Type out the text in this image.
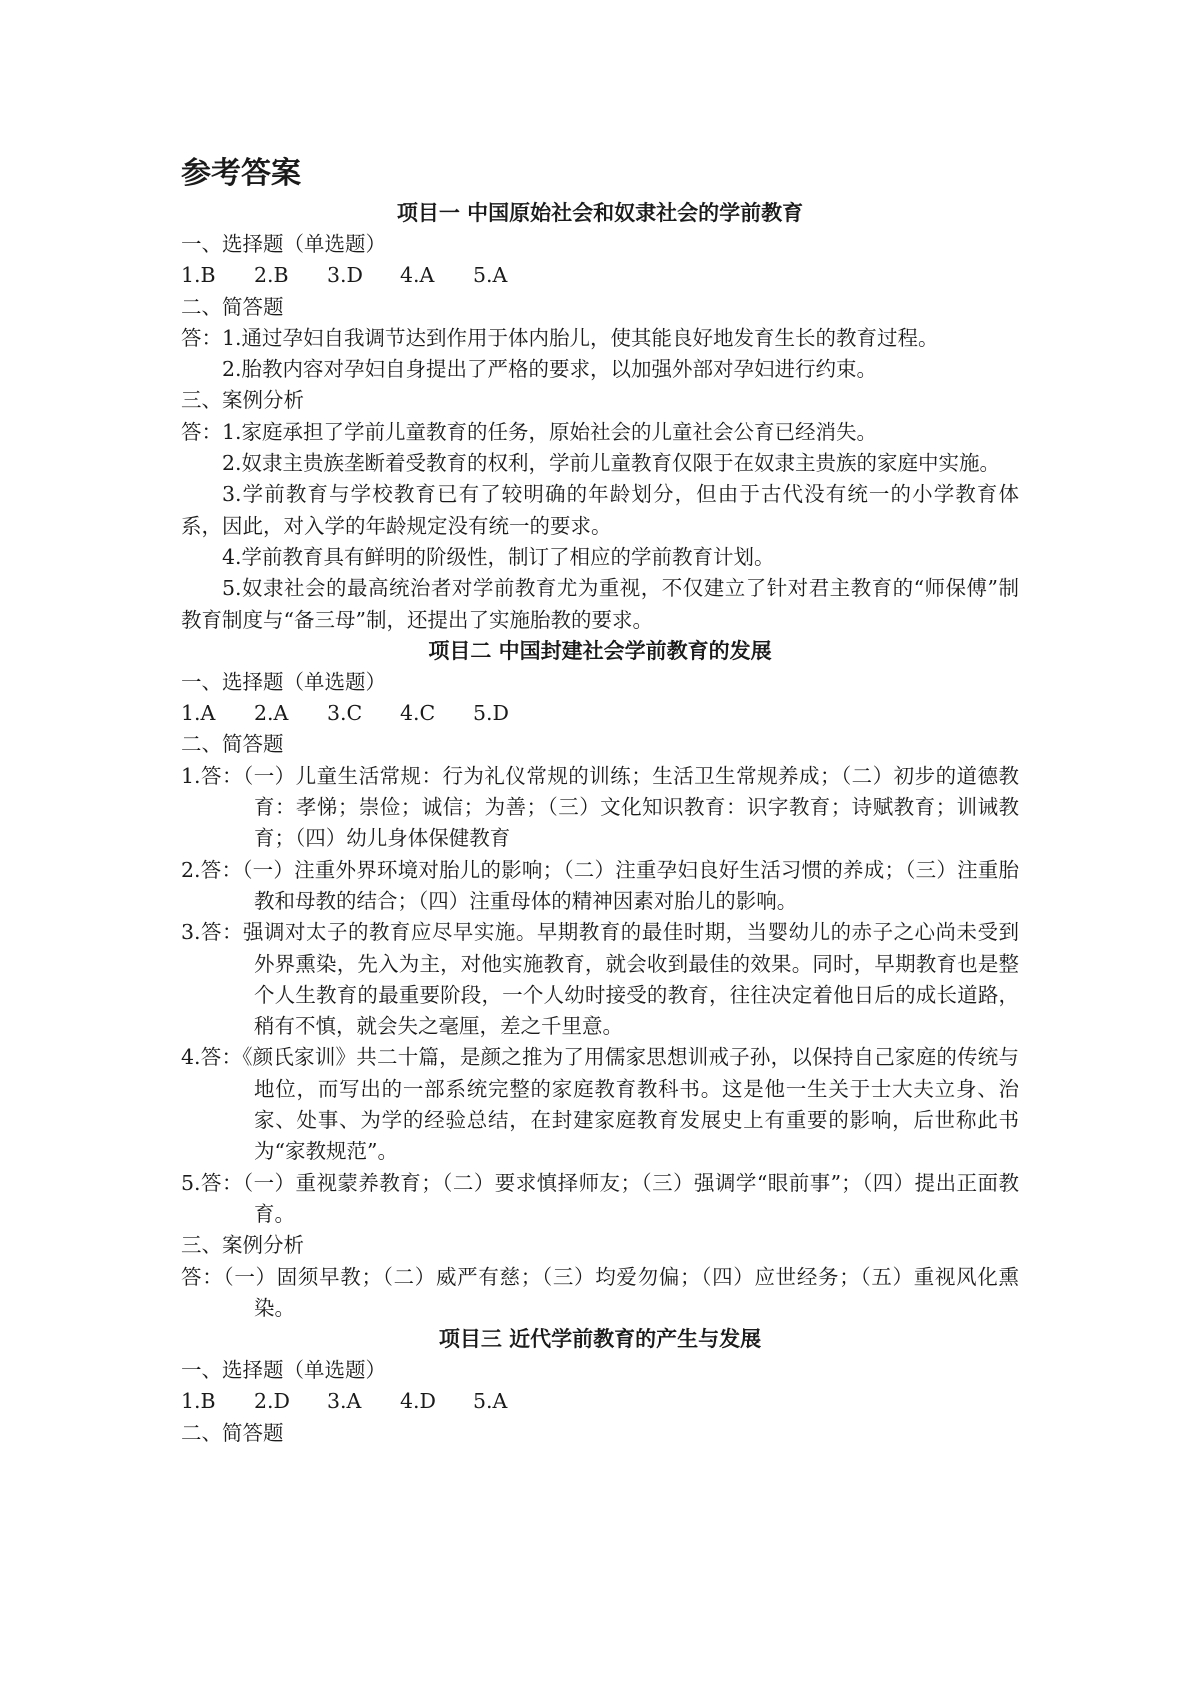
参考答案
项目一 中国原始社会和奴隶社会的学前教育

一、选择题（单选题）

1.B 2.B 3.D 4.A 5.A

二、简答题

答：1.通过孕妇自我调节达到作用于体内胎儿，使其能良好地发育生长的教育过程。

2.胎教内容对孕妇自身提出了严格的要求，以加强外部对孕妇进行约束。

三、案例分析

答：1.家庭承担了学前儿童教育的任务，原始社会的儿童社会公育已经消失。

2.奴隶主贵族垄断着受教育的权利，学前儿童教育仅限于在奴隶主贵族的家庭中实施。

3.学前教育与学校教育已有了较明确的年龄划分，但由于古代没有统一的小学教育体系，因此，对入学的年龄规定没有统一的要求。

4.学前教育具有鲜明的阶级性，制订了相应的学前教育计划。

5.奴隶社会的最高统治者对学前教育尤为重视，不仅建立了针对君主教育的“师保傅”制教育制度与“备三母”制，还提出了实施胎教的要求。

项目二 中国封建社会学前教育的发展

一、选择题（单选题）

1.A 2.A 3.C 4.C 5.D

二、简答题

1.答：（一）儿童生活常规：行为礼仪常规的训练；生活卫生常规养成；（二）初步的道德教育：孝悌；崇俭；诚信；为善；（三）文化知识教育：识字教育；诗赋教育；训诫教育；（四）幼儿身体保健教育

2.答：（一）注重外界环境对胎儿的影响；（二）注重孕妇良好生活习惯的养成；（三）注重胎教和母教的结合；（四）注重母体的精神因素对胎儿的影响。

3.答：强调对太子的教育应尽早实施。早期教育的最佳时期，当婴幼儿的赤子之心尚未受到外界熏染，先入为主，对他实施教育，就会收到最佳的效果。同时，早期教育也是整个人生教育的最重要阶段，一个人幼时接受的教育，往往决定着他日后的成长道路，稍有不慎，就会失之毫厘，差之千里意。

4.答：《颜氏家训》共二十篇，是颜之推为了用儒家思想训戒子孙，以保持自己家庭的传统与地位，而写出的一部系统完整的家庭教育教科书。这是他一生关于士大夫立身、治家、处事、为学的经验总结，在封建家庭教育发展史上有重要的影响，后世称此书为“家教规范”。

5.答：（一）重视蒙养教育；（二）要求慎择师友；（三）强调学“眼前事”；（四）提出正面教育。

三、案例分析

答：（一）固须早教；（二）威严有慈；（三）均爱勿偏；（四）应世经务；（五）重视风化熏染。

项目三 近代学前教育的产生与发展

一、选择题（单选题）

1.B 2.D 3.A 4.D 5.A

二、简答题
